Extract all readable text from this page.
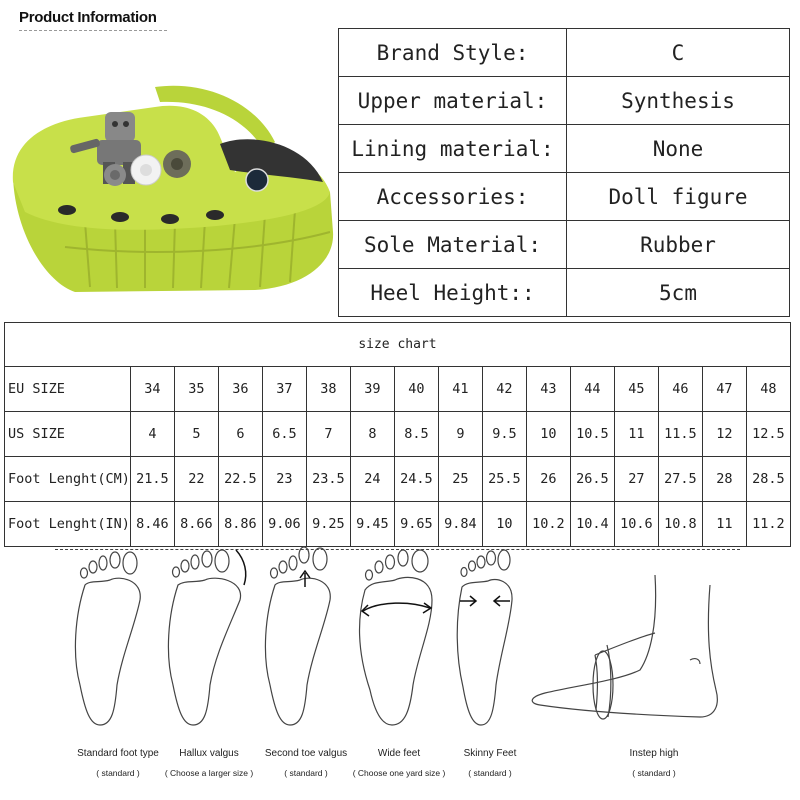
Product Information
Brand Style:	C
Upper material:	Synthesis
Lining material:	None
Accessories:	Doll figure
Sole Material:	Rubber
Heel Height::	5cm
size chart															
EU SIZE	34	35	36	37	38	39	40	41	42	43	44	45	46	47	48
US SIZE	4	5	6	6.5	7	8	8.5	9	9.5	10	10.5	11	11.5	12	12.5
Foot Lenght(CM)	21.5	22	22.5	23	23.5	24	24.5	25	25.5	26	26.5	27	27.5	28	28.5
Foot Lenght(IN)	8.46	8.66	8.86	9.06	9.25	9.45	9.65	9.84	10	10.2	10.4	10.6	10.8	11	11.2
Standard foot type
( standard )
Hallux valgus
( Choose a larger size )
Second toe valgus
( standard )
Wide feet
( Choose one yard size )
Skinny Feet
( standard )
Instep high
( standard )
